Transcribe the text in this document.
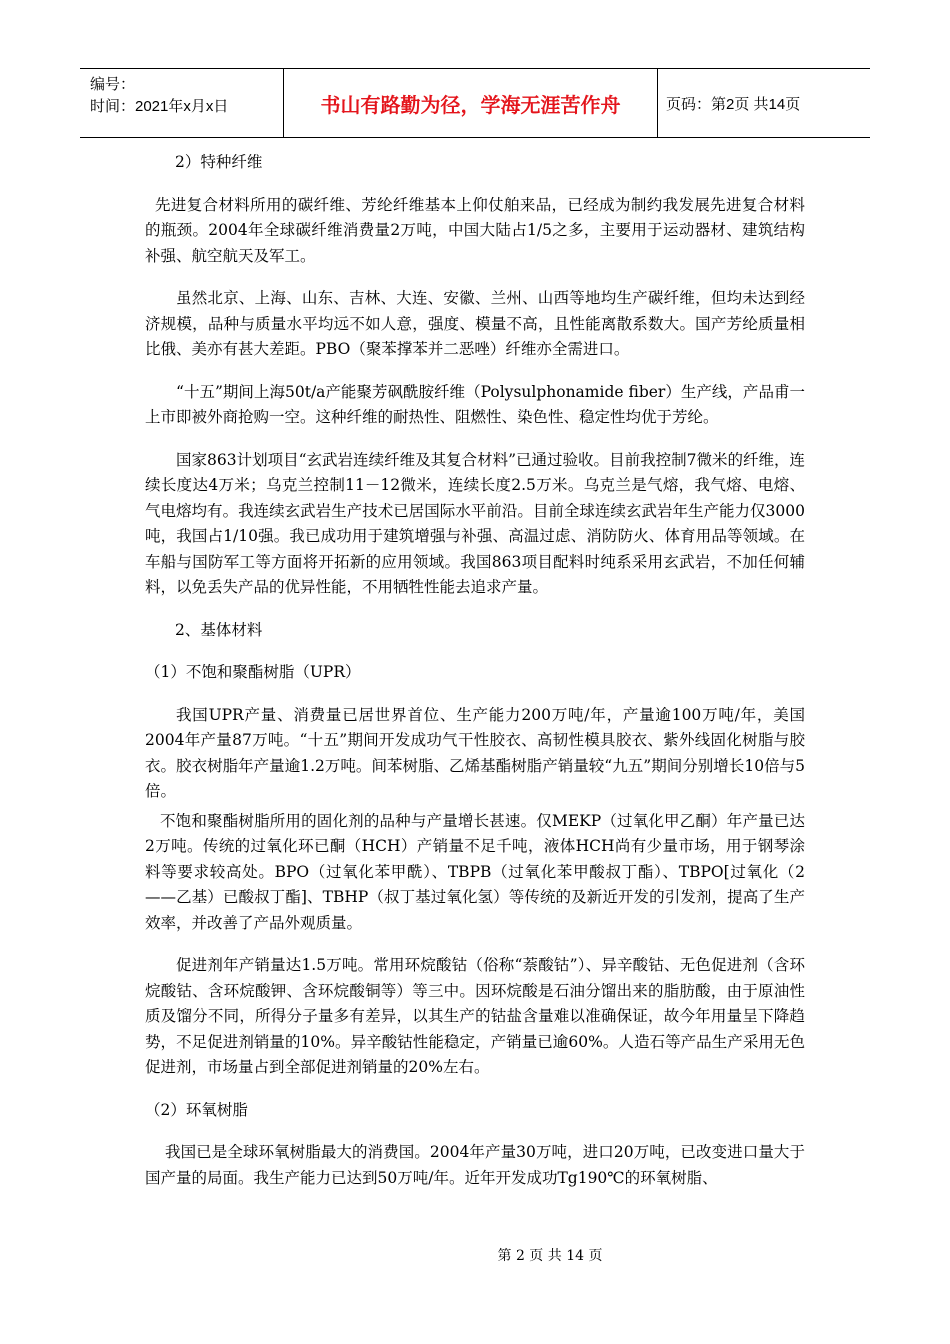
编号：
时间：2021年x月x日	书山有路勤为径，学海无涯苦作舟	页码：第2页 共14页

2）特种纤维

先进复合材料所用的碳纤维、芳纶纤维基本上仰仗舶来品，已经成为制约我发展先进复合材料的瓶颈。2004年全球碳纤维消费量2万吨，中国大陆占1/5之多，主要用于运动器材、建筑结构补强、航空航天及军工。

虽然北京、上海、山东、吉林、大连、安徽、兰州、山西等地均生产碳纤维，但均未达到经济规模，品种与质量水平均远不如人意，强度、模量不高，且性能离散系数大。国产芳纶质量相比俄、美亦有甚大差距。PBO（聚苯撑苯并二恶唑）纤维亦全需进口。

“十五”期间上海50t/a产能聚芳砜酰胺纤维（Polysulphonamide fiber）生产线，产品甫一上市即被外商抢购一空。这种纤维的耐热性、阻燃性、染色性、稳定性均优于芳纶。

国家863计划项目“玄武岩连续纤维及其复合材料”已通过验收。目前我控制7微米的纤维，连续长度达4万米；乌克兰控制11－12微米，连续长度2.5万米。乌克兰是气熔，我气熔、电熔、气电熔均有。我连续玄武岩生产技术已居国际水平前沿。目前全球连续玄武岩年生产能力仅3000吨，我国占1/10强。我已成功用于建筑增强与补强、高温过虑、消防防火、体育用品等领域。在车船与国防军工等方面将开拓新的应用领域。我国863项目配料时纯系采用玄武岩，不加任何辅料，以免丢失产品的优异性能，不用牺牲性能去追求产量。

2、基体材料

（1）不饱和聚酯树脂（UPR）

我国UPR产量、消费量已居世界首位、生产能力200万吨/年，产量逾100万吨/年，美国2004年产量87万吨。“十五”期间开发成功气干性胶衣、高韧性模具胶衣、紫外线固化树脂与胶衣。胶衣树脂年产量逾1.2万吨。间苯树脂、乙烯基酯树脂产销量较“九五”期间分别增长10倍与5倍。

不饱和聚酯树脂所用的固化剂的品种与产量增长甚速。仅MEKP（过氧化甲乙酮）年产量已达2万吨。传统的过氧化环已酮（HCH）产销量不足千吨，液体HCH尚有少量市场，用于钢琴涂料等要求较高处。BPO（过氧化苯甲酰）、TBPB（过氧化苯甲酸叔丁酯）、TBPO[过氧化（2——乙基）已酸叔丁酯]、TBHP（叔丁基过氧化氢）等传统的及新近开发的引发剂，提高了生产效率，并改善了产品外观质量。

促进剂年产销量达1.5万吨。常用环烷酸钴（俗称“萘酸钴”）、异辛酸钴、无色促进剂（含环烷酸钴、含环烷酸钾、含环烷酸铜等）等三中。因环烷酸是石油分馏出来的脂肪酸，由于原油性质及馏分不同，所得分子量多有差异，以其生产的钴盐含量难以准确保证，故今年用量呈下降趋势，不足促进剂销量的10%。异辛酸钴性能稳定，产销量已逾60%。人造石等产品生产采用无色促进剂，市场量占到全部促进剂销量的20%左右。

（2）环氧树脂

我国已是全球环氧树脂最大的消费国。2004年产量30万吨，进口20万吨，已改变进口量大于国产量的局面。我生产能力已达到50万吨/年。近年开发成功Tg190℃的环氧树脂、

第 2 页 共 14 页
